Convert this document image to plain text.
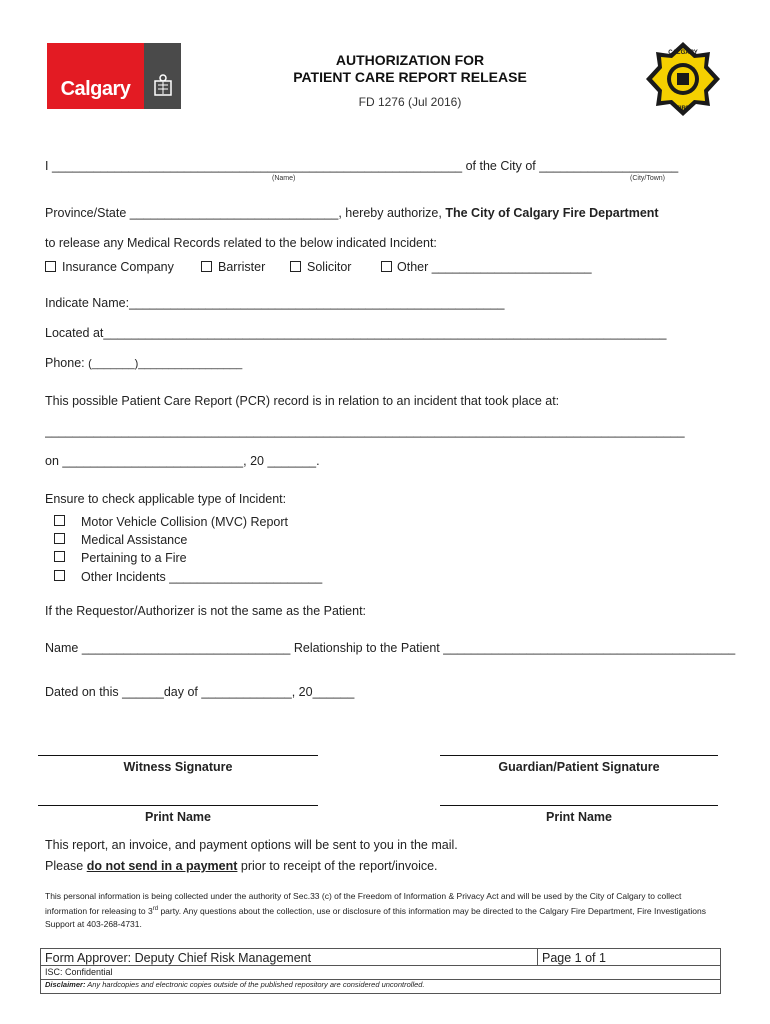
Calgary
AUTHORIZATION FOR
PATIENT CARE REPORT RELEASE
FD 1276 (Jul 2016)
CALGARY
FIRE
I ___________________________________________________________ of the City of ____________________
(Name)	(City/Town)
Province/State ______________________________, hereby authorize, The City of Calgary Fire Department
to release any Medical Records related to the below indicated Incident:
Insurance Company	Barrister	Solicitor	Other _______________________
Indicate Name:______________________________________________________
Located at_________________________________________________________________________________
Phone: (_______)_________________
This possible Patient Care Report (PCR) record is in relation to an incident that took place at:
____________________________________________________________________________________________
on __________________________, 20 _______.
Ensure to check applicable type of Incident:
Motor Vehicle Collision (MVC) Report
Medical Assistance
Pertaining to a Fire
Other Incidents ______________________
If the Requestor/Authorizer is not the same as the Patient:
Name ______________________________ Relationship to the Patient __________________________________________
Dated on this ______day of _____________, 20______
Witness Signature	Guardian/Patient Signature
Print Name	Print Name
This report, an invoice, and payment options will be sent to you in the mail.
Please do not send in a payment prior to receipt of the report/invoice.
This personal information is being collected under the authority of Sec.33 (c) of the Freedom of Information & Privacy Act and will be used by the City of Calgary to collect information for releasing to 3rd party. Any questions about the collection, use or disclosure of this information may be directed to the Calgary Fire Department, Fire Investigations Support at 403-268-4731.
Form Approver: Deputy Chief Risk Management	Page 1 of 1
ISC: Confidential
Disclaimer: Any hardcopies and electronic copies outside of the published repository are considered uncontrolled.
